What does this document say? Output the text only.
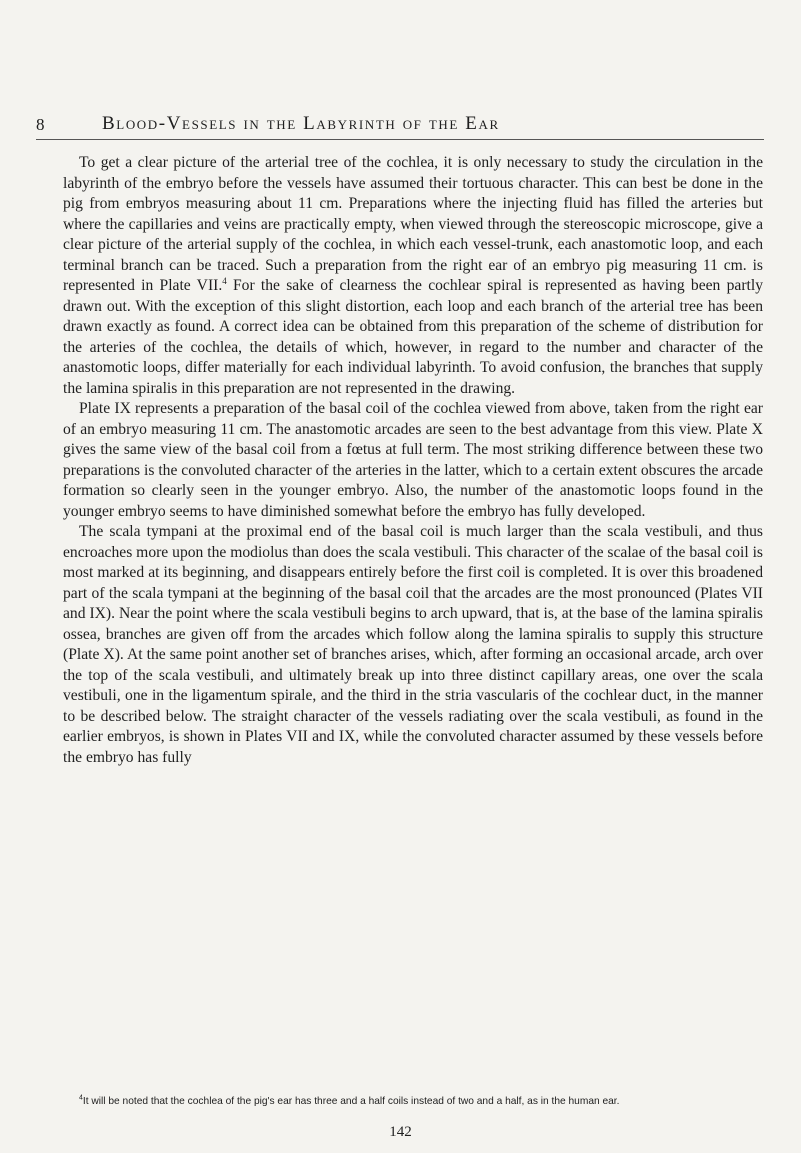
8	Blood-Vessels in the Labyrinth of the Ear

To get a clear picture of the arterial tree of the cochlea, it is only necessary to study the circulation in the labyrinth of the embryo before the vessels have assumed their tortuous character. This can best be done in the pig from embryos measuring about 11 cm. Preparations where the injecting fluid has filled the arteries but where the capillaries and veins are practically empty, when viewed through the stereoscopic microscope, give a clear picture of the arterial supply of the cochlea, in which each vessel-trunk, each anastomotic loop, and each terminal branch can be traced. Such a preparation from the right ear of an embryo pig measuring 11 cm. is represented in Plate VII.$^4$ For the sake of clearness the cochlear spiral is represented as having been partly drawn out. With the exception of this slight distortion, each loop and each branch of the arterial tree has been drawn exactly as found. A correct idea can be obtained from this preparation of the scheme of distribution for the arteries of the cochlea, the details of which, however, in regard to the number and character of the anastomotic loops, differ materially for each individual labyrinth. To avoid confusion, the branches that supply the lamina spiralis in this preparation are not represented in the drawing.

Plate IX represents a preparation of the basal coil of the cochlea viewed from above, taken from the right ear of an embryo measuring 11 cm. The anastomotic arcades are seen to the best advantage from this view. Plate X gives the same view of the basal coil from a fœtus at full term. The most striking difference between these two preparations is the convoluted character of the arteries in the latter, which to a certain extent obscures the arcade formation so clearly seen in the younger embryo. Also, the number of the anastomotic loops found in the younger embryo seems to have diminished somewhat before the embryo has fully developed.

The scala tympani at the proximal end of the basal coil is much larger than the scala vestibuli, and thus encroaches more upon the modiolus than does the scala vestibuli. This character of the scalae of the basal coil is most marked at its beginning, and disappears entirely before the first coil is completed. It is over this broadened part of the scala tympani at the beginning of the basal coil that the arcades are the most pronounced (Plates VII and IX). Near the point where the scala vestibuli begins to arch upward, that is, at the base of the lamina spiralis ossea, branches are given off from the arcades which follow along the lamina spiralis to supply this structure (Plate X). At the same point another set of branches arises, which, after forming an occasional arcade, arch over the top of the scala vestibuli, and ultimately break up into three distinct capillary areas, one over the scala vestibuli, one in the ligamentum spirale, and the third in the stria vascularis of the cochlear duct, in the manner to be described below. The straight character of the vessels radiating over the scala vestibuli, as found in the earlier embryos, is shown in Plates VII and IX, while the convoluted character assumed by these vessels before the embryo has fully

$^4$It will be noted that the cochlea of the pig's ear has three and a half coils instead of two and a half, as in the human ear.
142
